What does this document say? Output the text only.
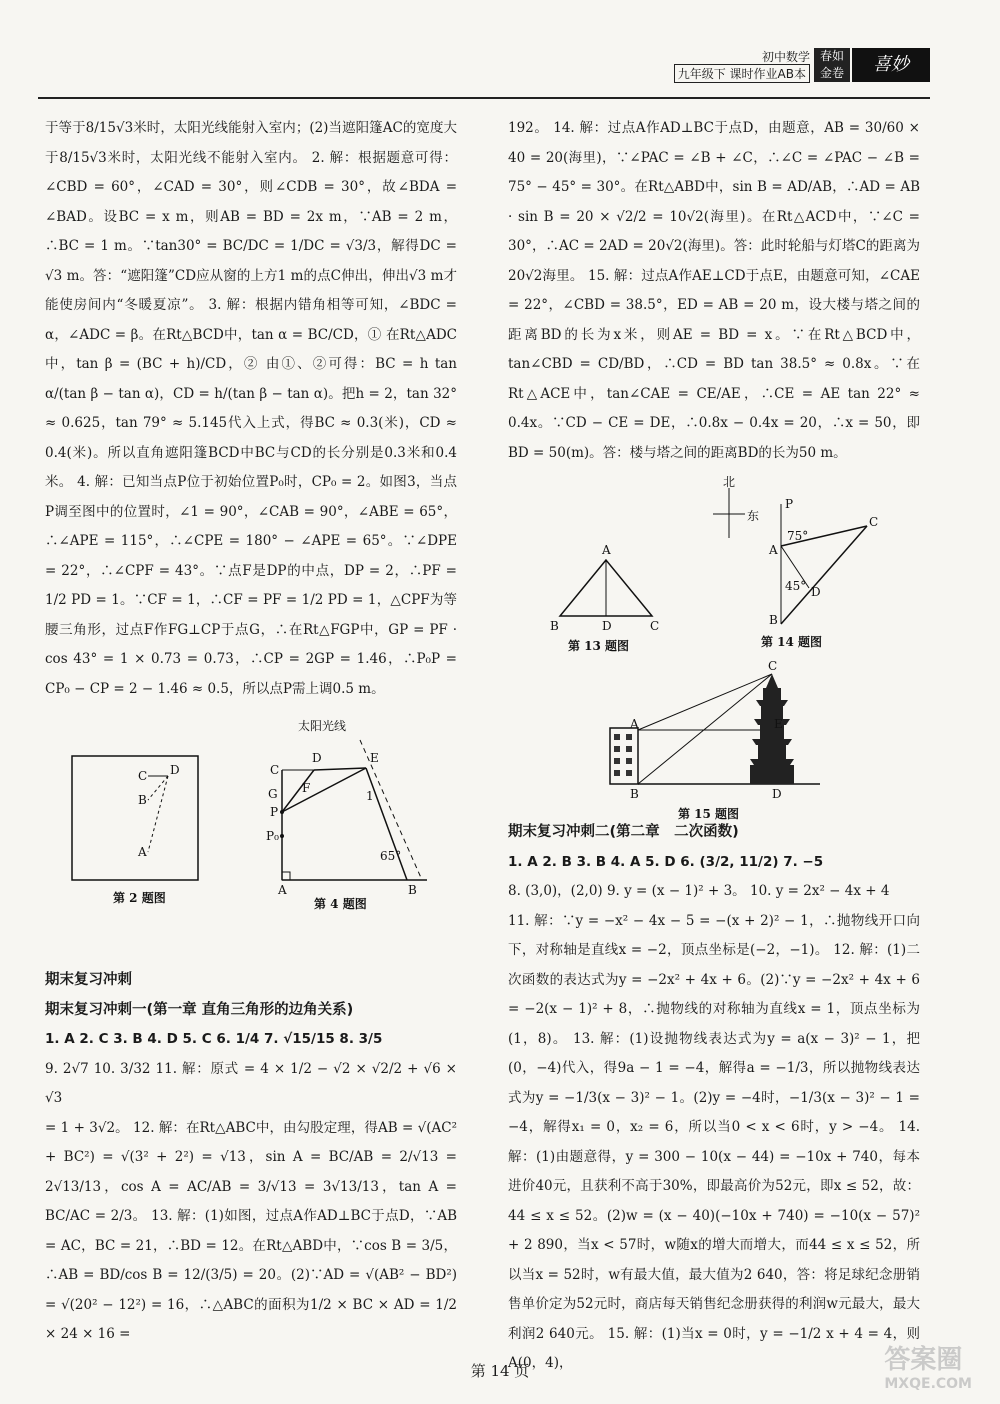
初中数学
九年级下 课时作业AB本
春如
金卷	喜妙

于等于8/15√3米时，太阳光线能射入室内；(2)当遮阳篷AC的宽度大于8/15√3米时，太阳光线不能射入室内。 2. 解：根据题意可得：∠CBD = 60°，∠CAD = 30°，则∠CDB = 30°，故∠BDA = ∠BAD。设BC = x m，则AB = BD = 2x m，∵AB = 2 m，∴BC = 1 m。∵tan30° = BC/DC = 1/DC = √3/3，解得DC = √3 m。答：“遮阳篷”CD应从窗的上方1 m的点C伸出，伸出√3 m才能使房间内“冬暖夏凉”。 3. 解：根据内错角相等可知，∠BDC = α，∠ADC = β。在Rt△BCD中，tan α = BC/CD，① 在Rt△ADC中，tan β = (BC + h)/CD，② 由①、②可得：BC = h tan α/(tan β − tan α)，CD = h/(tan β − tan α)。把h = 2，tan 32° ≈ 0.625，tan 79° ≈ 5.145代入上式，得BC ≈ 0.3(米)，CD ≈ 0.4(米)。所以直角遮阳篷BCD中BC与CD的长分别是0.3米和0.4米。 4. 解：已知当点P位于初始位置P₀时，CP₀ = 2。如图3，当点P调至图中的位置时，∠1 = 90°，∠CAB = 90°，∠ABE = 65°，∴∠APE = 115°，∴∠CPE = 180° − ∠APE = 65°。∵∠DPE = 22°，∴∠CPF = 43°。∵点F是DP的中点，DP = 2，∴PF = 1/2 PD = 1。∵CF = 1，∴CF = PF = 1/2 PD = 1，△CPF为等腰三角形，过点F作FG⊥CP于点G，∴在Rt△FGP中，GP = PF · cos 43° = 1 × 0.73 = 0.73，∴CP = 2GP = 1.46，∴P₀P = CP₀ − CP = 2 − 1.46 ≈ 0.5，所以点P需上调0.5 m。

期末复习冲刺

期末复习冲刺一(第一章 直角三角形的边角关系)

1. A 2. C 3. B 4. D 5. C 6. 1/4 7. √15/15 8. 3/5

9. 2√7 10. 3/32 11. 解：原式 = 4 × 1/2 − √2 × √2/2 + √6 × √3

= 1 + 3√2。 12. 解：在Rt△ABC中，由勾股定理，得AB = √(AC² + BC²) = √(3² + 2²) = √13，sin A = BC/AB = 2/√13 = 2√13/13，cos A = AC/AB = 3/√13 = 3√13/13，tan A = BC/AC = 2/3。 13. 解：(1)如图，过点A作AD⊥BC于点D，∵AB = AC，BC = 21，∴BD = 12。在Rt△ABD中，∵cos B = 3/5，∴AB = BD/cos B = 12/(3/5) = 20。(2)∵AD = √(AB² − BD²) = √(20² − 12²) = 16，∴△ABC的面积为1/2 × BC × AD = 1/2 × 24 × 16 =

192。 14. 解：过点A作AD⊥BC于点D，由题意，AB = 30/60 × 40 = 20(海里)，∵∠PAC = ∠B + ∠C，∴∠C = ∠PAC − ∠B = 75° − 45° = 30°。在Rt△ABD中，sin B = AD/AB，∴AD = AB · sin B = 20 × √2/2 = 10√2(海里)。在Rt△ACD中，∵∠C = 30°，∴AC = 2AD = 20√2(海里)。答：此时轮船与灯塔C的距离为20√2海里。 15. 解：过点A作AE⊥CD于点E，由题意可知，∠CAE = 22°，∠CBD = 38.5°，ED = AB = 20 m，设大楼与塔之间的距离BD的长为x米，则AE = BD = x。∵在Rt△BCD中，tan∠CBD = CD/BD，∴CD = BD tan 38.5° ≈ 0.8x。∵在Rt△ACE中，tan∠CAE = CE/AE，∴CE = AE tan 22° ≈ 0.4x。∵CD − CE = DE，∴0.8x − 0.4x = 20，∴x = 50，即BD = 50(m)。答：楼与塔之间的距离BD的长为50 m。

期末复习冲刺二(第二章　二次函数)

1. A 2. B 3. B 4. A 5. D 6. (3/2, 11/2) 7. −5

8. (3,0)，(2,0) 9. y = (x − 1)² + 3。 10. y = 2x² − 4x + 4

11. 解：∵y = −x² − 4x − 5 = −(x + 2)² − 1，∴抛物线开口向下，对称轴是直线x = −2，顶点坐标是(−2，−1)。 12. 解：(1)二次函数的表达式为y = −2x² + 4x + 6。(2)∵y = −2x² + 4x + 6 = −2(x − 1)² + 8，∴抛物线的对称轴为直线x = 1，顶点坐标为(1，8)。 13. 解：(1)设抛物线表达式为y = a(x − 3)² − 1，把(0，−4)代入，得9a − 1 = −4，解得a = −1/3，所以抛物线表达式为y = −1/3(x − 3)² − 1。(2)y = −4时，−1/3(x − 3)² − 1 = −4，解得x₁ = 0，x₂ = 6，所以当0 < x < 6时，y > −4。 14. 解：(1)由题意得，y = 300 − 10(x − 44) = −10x + 740，每本进价40元，且获利不高于30%，即最高价为52元，即x ≤ 52，故：44 ≤ x ≤ 52。(2)w = (x − 40)(−10x + 740) = −10(x − 57)² + 2 890，当x < 57时，w随x的增大而增大，而44 ≤ x ≤ 52，所以当x = 52时，w有最大值，最大值为2 640，答：将足球纪念册销售单价定为52元时，商店每天销售纪念册获得的利润w元最大，最大利润2 640元。 15. 解：(1)当x = 0时，y = −1/2 x + 4 = 4，则A(0，4)，

C D
B
A
第 2 题图
太阳光线
C
D	E
F
G	1
P
P₀
A	B
65°
第 4 题图
A
B	D	C
第 13 题图
北
东
P
A
C
B
D
75°
45°
第 14 题图
A
C
E
B	D
第 15 题图
第 14 页	答案圈
MXQE.COM
